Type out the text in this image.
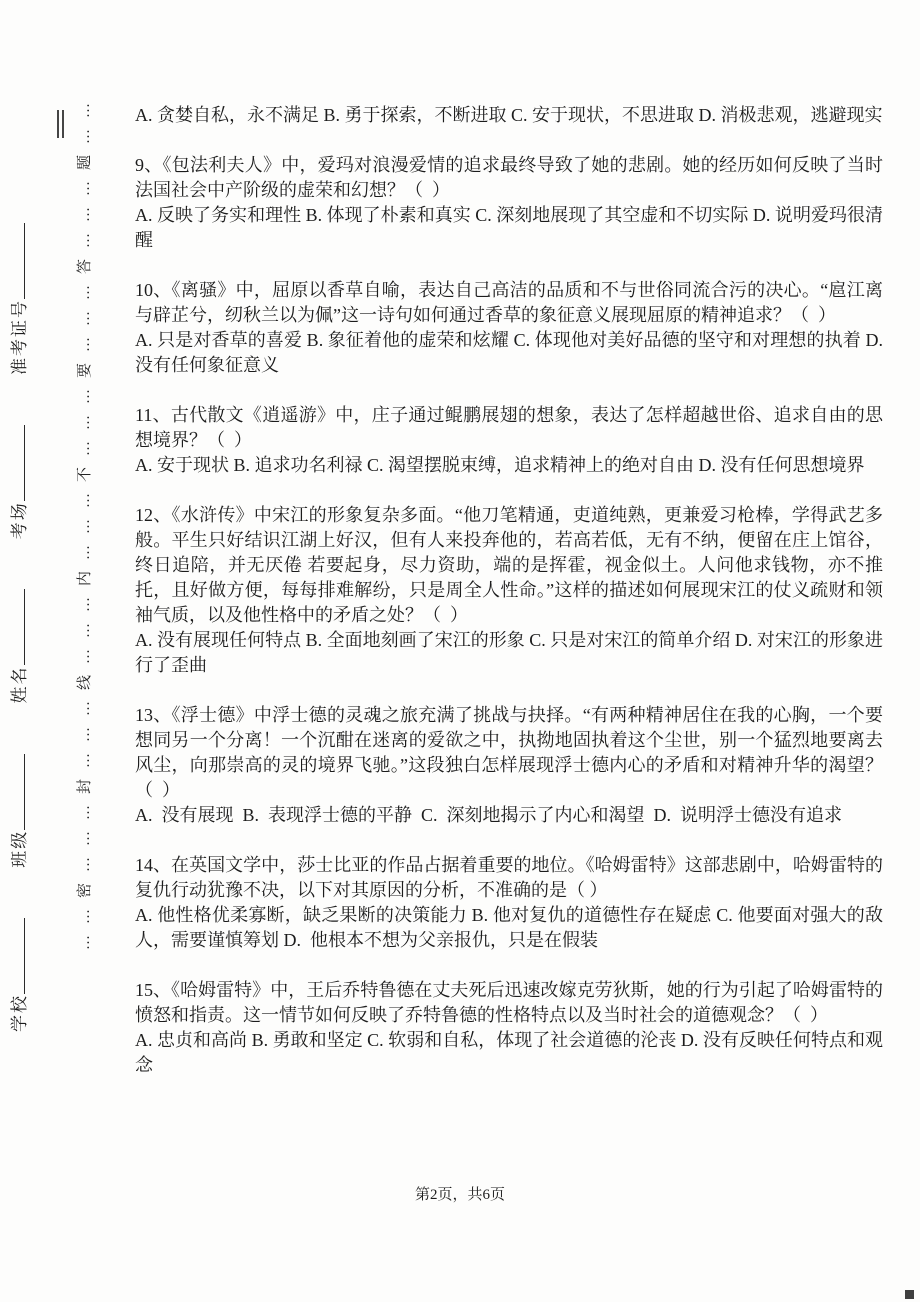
学校 班级 姓名 考场 准考证号	……密………封………线………内………不………要………答………题…… A. 贪婪自私，永不满足 B. 勇于探索，不断进取 C. 安于现状，不思进取 D. 消极悲观，逃避现实

9、《包法利夫人》中，爱玛对浪漫爱情的追求最终导致了她的悲剧。她的经历如何反映了当时法国社会中产阶级的虚荣和幻想？（  ）

A. 反映了务实和理性 B. 体现了朴素和真实 C. 深刻地展现了其空虚和不切实际 D. 说明爱玛很清醒

10、《离骚》中，屈原以香草自喻，表达自己高洁的品质和不与世俗同流合污的决心。“扈江离与辟芷兮，纫秋兰以为佩”这一诗句如何通过香草的象征意义展现屈原的精神追求？（  ）

A. 只是对香草的喜爱 B. 象征着他的虚荣和炫耀 C. 体现他对美好品德的坚守和对理想的执着 D. 没有任何象征意义

11、古代散文《逍遥游》中，庄子通过鲲鹏展翅的想象，表达了怎样超越世俗、追求自由的思想境界？（  ）

A. 安于现状 B. 追求功名利禄 C. 渴望摆脱束缚，追求精神上的绝对自由 D. 没有任何思想境界

12、《水浒传》中宋江的形象复杂多面。“他刀笔精通，吏道纯熟，更兼爱习枪棒，学得武艺多般。平生只好结识江湖上好汉，但有人来投奔他的，若高若低，无有不纳，便留在庄上馆谷，终日追陪，并无厌倦 若要起身，尽力资助，端的是挥霍，视金似土。人问他求钱物，亦不推托，且好做方便，每每排难解纷，只是周全人性命。”这样的描述如何展现宋江的仗义疏财和领袖气质，以及他性格中的矛盾之处？（  ）

A. 没有展现任何特点 B. 全面地刻画了宋江的形象 C. 只是对宋江的简单介绍 D. 对宋江的形象进行了歪曲

13、《浮士德》中浮士德的灵魂之旅充满了挑战与抉择。“有两种精神居住在我的心胸，一个要想同另一个分离！一个沉酣在迷离的爱欲之中，执拗地固执着这个尘世，别一个猛烈地要离去风尘，向那崇高的灵的境界飞驰。”这段独白怎样展现浮士德内心的矛盾和对精神升华的渴望？（  ）

A.  没有展现  B.  表现浮士德的平静  C.  深刻地揭示了内心和渴望  D.  说明浮士德没有追求

14、在英国文学中，莎士比亚的作品占据着重要的地位。《哈姆雷特》这部悲剧中，哈姆雷特的复仇行动犹豫不决，以下对其原因的分析，不准确的是（ ）

A. 他性格优柔寡断，缺乏果断的决策能力 B. 他对复仇的道德性存在疑虑 C. 他要面对强大的敌人，需要谨慎筹划 D.  他根本不想为父亲报仇，只是在假装

15、《哈姆雷特》中，王后乔特鲁德在丈夫死后迅速改嫁克劳狄斯，她的行为引起了哈姆雷特的愤怒和指责。这一情节如何反映了乔特鲁德的性格特点以及当时社会的道德观念？（  ）

A. 忠贞和高尚 B. 勇敢和坚定 C. 软弱和自私，体现了社会道德的沦丧 D. 没有反映任何特点和观念

第2页，共6页
